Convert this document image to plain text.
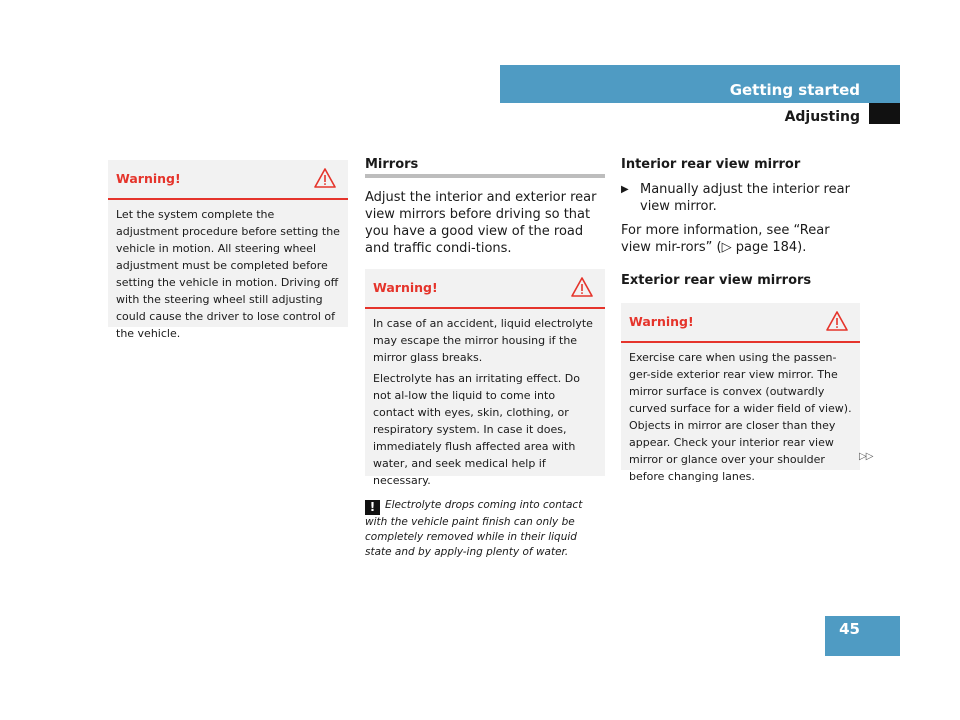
Getting started
Adjusting
Warning!

Let the system complete the adjustment procedure before setting the vehicle in motion. All steering wheel adjustment must be completed before setting the vehicle in motion. Driving off with the steering wheel still adjusting could cause the driver to lose control of the vehicle.

Mirrors

Adjust the interior and exterior rear view mirrors before driving so that you have a good view of the road and traffic condi-tions.

Warning!

In case of an accident, liquid electrolyte may escape the mirror housing if the mirror glass breaks.

Electrolyte has an irritating effect. Do not al-low the liquid to come into contact with eyes, skin, clothing, or respiratory system. In case it does, immediately flush affected area with water, and seek medical help if necessary.

! Electrolyte drops coming into contact with the vehicle paint finish can only be completely removed while in their liquid state and by apply-ing plenty of water.
Interior rear view mirror
▶ Manually adjust the interior rear view mirror.

For more information, see “Rear view mir-rors” (▷ page 184).

Exterior rear view mirrors
Warning!

Exercise care when using the passen-ger-side exterior rear view mirror. The mirror surface is convex (outwardly curved surface for a wider field of view). Objects in mirror are closer than they appear. Check your interior rear view mirror or glance over your shoulder before changing lanes.

▷▷
45
